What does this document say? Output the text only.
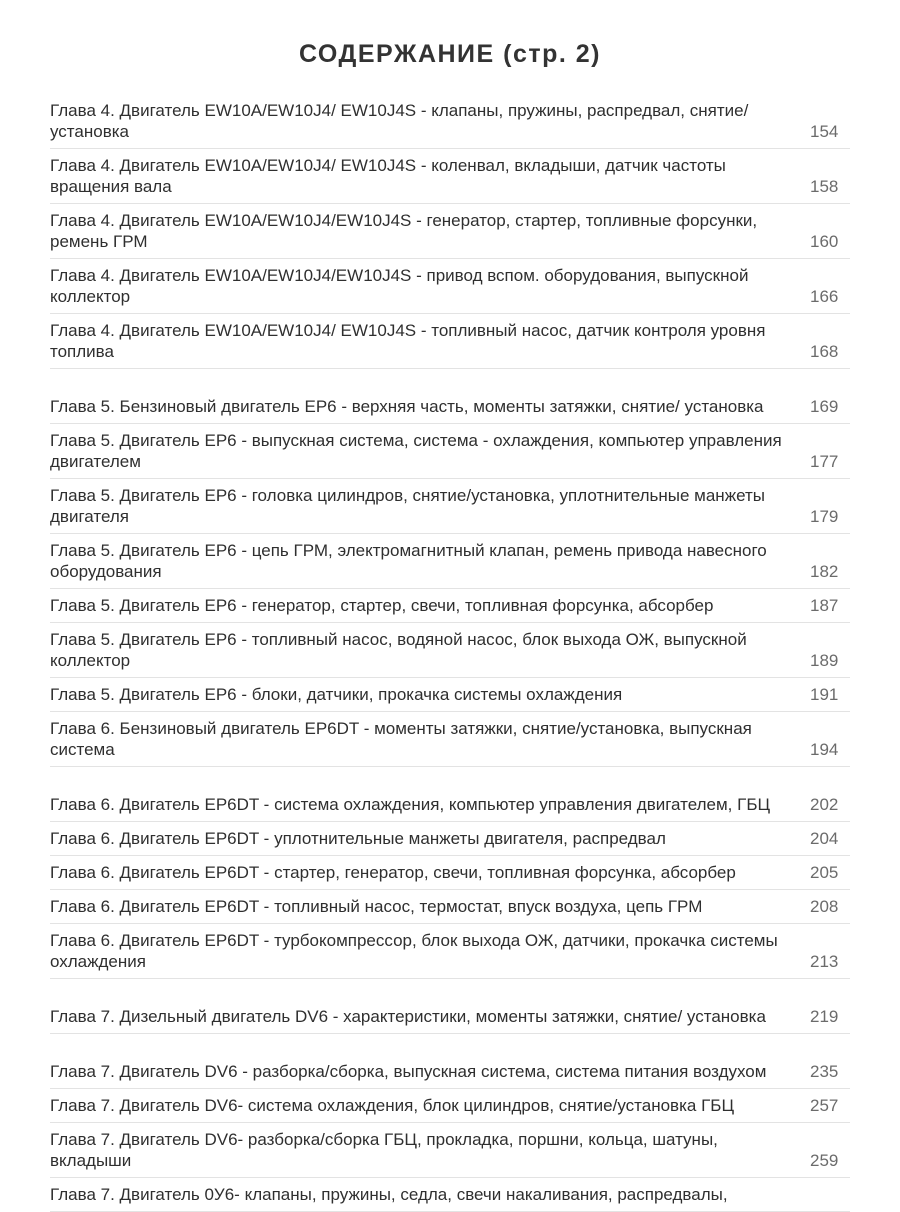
СОДЕРЖАНИЕ (стр. 2)
Глава 4. Двигатель EW10A/EW10J4/ EW10J4S - клапаны, пружины, распредвал, снятие/ установка	154
Глава 4. Двигатель EW10A/EW10J4/ EW10J4S - коленвал, вкладыши, датчик частоты вращения вала	158
Глава 4. Двигатель EW10A/EW10J4/EW10J4S - генератор, стартер, топливные форсунки, ремень ГРМ	160
Глава 4. Двигатель EW10A/EW10J4/EW10J4S - привод вспом. оборудования, выпускной коллектор	166
Глава 4. Двигатель EW10A/EW10J4/ EW10J4S - топливный насос, датчик контроля уровня топлива	168
Глава 5. Бензиновый двигатель EP6 - верхняя часть, моменты затяжки, снятие/ установка	169
Глава 5. Двигатель EP6 - выпускная система, система - охлаждения, компьютер управления двигателем	177
Глава 5. Двигатель EP6 - головка цилиндров, снятие/установка, уплотнительные манжеты двигателя	179
Глава 5. Двигатель EP6 - цепь ГРМ, электромагнитный клапан, ремень привода навесного оборудования	182
Глава 5. Двигатель EP6 - генератор, стартер, свечи, топливная форсунка, абсорбер	187
Глава 5. Двигатель EP6 - топливный насос, водяной насос, блок выхода ОЖ, выпускной коллектор	189
Глава 5. Двигатель EP6 - блоки, датчики, прокачка системы охлаждения	191
Глава 6. Бензиновый двигатель EP6DT - моменты затяжки, снятие/установка, выпускная система	194
Глава 6. Двигатель EP6DT - система охлаждения, компьютер управления двигателем, ГБЦ	202
Глава 6. Двигатель EP6DT - уплотнительные манжеты двигателя, распредвал	204
Глава 6. Двигатель EP6DT - стартер, генератор, свечи, топливная форсунка, абсорбер	205
Глава 6. Двигатель EP6DT - топливный насос, термостат, впуск воздуха, цепь ГРМ	208
Глава 6. Двигатель EP6DT - турбокомпрессор, блок выхода ОЖ, датчики, прокачка системы охлаждения	213
Глава 7. Дизельный двигатель DV6 - характеристики, моменты затяжки, снятие/ установка	219
Глава 7. Двигатель DV6 - разборка/сборка, выпускная система, система питания воздухом	235
Глава 7. Двигатель DV6- система охлаждения, блок цилиндров, снятие/установка ГБЦ	257
Глава 7. Двигатель DV6- разборка/сборка ГБЦ, прокладка, поршни, кольца, шатуны, вкладыши	259
Глава 7. Двигатель 0У6- клапаны, пружины, седла, свечи накаливания, распредвалы,
